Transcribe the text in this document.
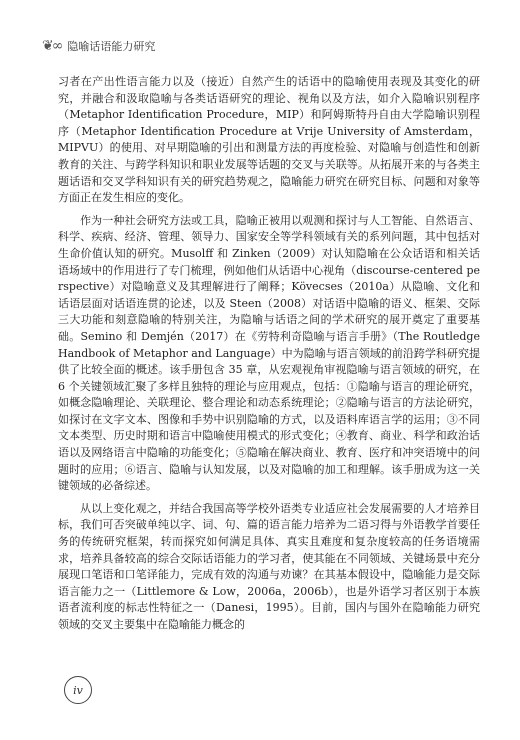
❦∞ 隐喻话语能力研究

习者在产出性语言能力以及（接近）自然产生的话语中的隐喻使用表现及其变化的研究，并融合和汲取隐喻与各类话语研究的理论、视角以及方法，如介入隐喻识别程序（Metaphor Identification Procedure，MIP）和阿姆斯特丹自由大学隐喻识别程序（Metaphor Identification Procedure at Vrije University of Amsterdam，MIPVU）的使用、对早期隐喻的引出和测量方法的再度检验、对隐喻与创造性和创新教育的关注、与跨学科知识和职业发展等话题的交叉与关联等。从拓展开来的与各类主题话语和交叉学科知识有关的研究趋势观之，隐喻能力研究在研究目标、问题和对象等方面正在发生相应的变化。

作为一种社会研究方法或工具，隐喻正被用以观测和探讨与人工智能、自然语言、科学、疾病、经济、管理、领导力、国家安全等学科领域有关的系列问题，其中包括对生命价值认知的研究。Musolff 和 Zinken（2009）对认知隐喻在公众话语和相关话语场域中的作用进行了专门梳理，例如他们从话语中心视角（discourse-centered perspective）对隐喻意义及其理解进行了阐释；Kövecses（2010a）从隐喻、文化和话语层面对话语连贯的论述，以及 Steen（2008）对话语中隐喻的语义、框架、交际三大功能和刻意隐喻的特别关注，为隐喻与话语之间的学术研究的展开奠定了重要基础。Semino 和 Demjén（2017）在《劳特利奇隐喻与语言手册》（The Routledge Handbook of Metaphor and Language）中为隐喻与语言领域的前沿跨学科研究提供了比较全面的概述。该手册包含 35 章，从宏观视角审视隐喻与语言领域的研究，在 6 个关键领域汇聚了多样且独特的理论与应用观点，包括：①隐喻与语言的理论研究，如概念隐喻理论、关联理论、整合理论和动态系统理论；②隐喻与语言的方法论研究，如探讨在文字文本、图像和手势中识别隐喻的方式，以及语料库语言学的运用；③不同文本类型、历史时期和语言中隐喻使用模式的形式变化；④教育、商业、科学和政治话语以及网络语言中隐喻的功能变化；⑤隐喻在解决商业、教育、医疗和冲突语境中的问题时的应用；⑥语言、隐喻与认知发展，以及对隐喻的加工和理解。该手册成为这一关键领域的必备综述。

从以上变化观之，并结合我国高等学校外语类专业适应社会发展需要的人才培养目标，我们可否突破单纯以字、词、句、篇的语言能力培养为二语习得与外语教学首要任务的传统研究框架，转而探究如何满足具体、真实且难度和复杂度较高的任务语境需求，培养具备较高的综合交际话语能力的学习者，使其能在不同领域、关键场景中充分展现口笔语和口笔译能力，完成有效的沟通与劝谏？在其基本假设中，隐喻能力是交际语言能力之一（Littlemore & Low，2006a，2006b），也是外语学习者区别于本族语者流利度的标志性特征之一（Danesi，1995）。目前，国内与国外在隐喻能力研究领域的交叉主要集中在隐喻能力概念的

iv
